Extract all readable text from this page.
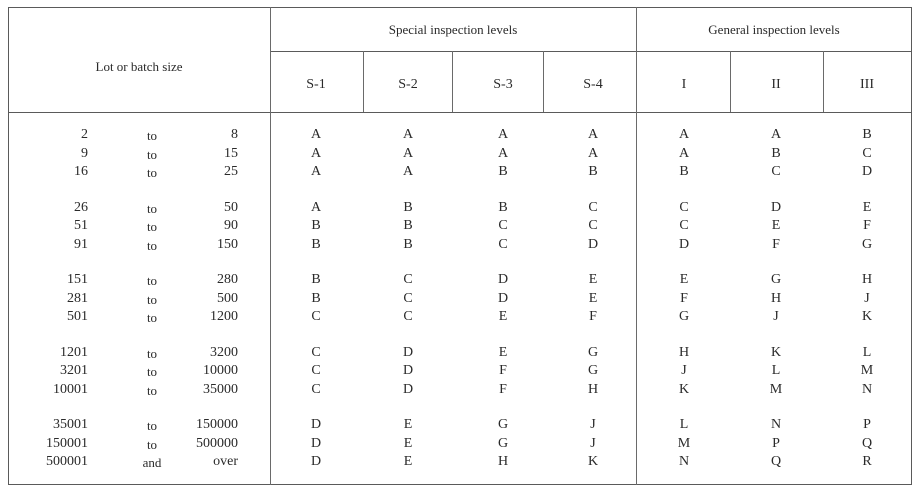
Lot or batch size
Special inspection levels	General inspection levels
S-1	S-2	S-3	S-4	I	II	III
2	to	8	A	A	A	A	A	A	B
9	to	15	A	A	A	A	A	B	C
16	to	25	A	A	B	B	B	C	D
26	to	50	A	B	B	C	C	D	E
51	to	90	B	B	C	C	C	E	F
91	to	150	B	B	C	D	D	F	G
151	to	280	B	C	D	E	E	G	H
281	to	500	B	C	D	E	F	H	J
501	to	1200	C	C	E	F	G	J	K
1201	to	3200	C	D	E	G	H	K	L
3201	to	10000	C	D	F	G	J	L	M
10001	to	35000	C	D	F	H	K	M	N
35001	to	150000	D	E	G	J	L	N	P
150001	to	500000	D	E	G	J	M	P	Q
500001	and	over	D	E	H	K	N	Q	R
